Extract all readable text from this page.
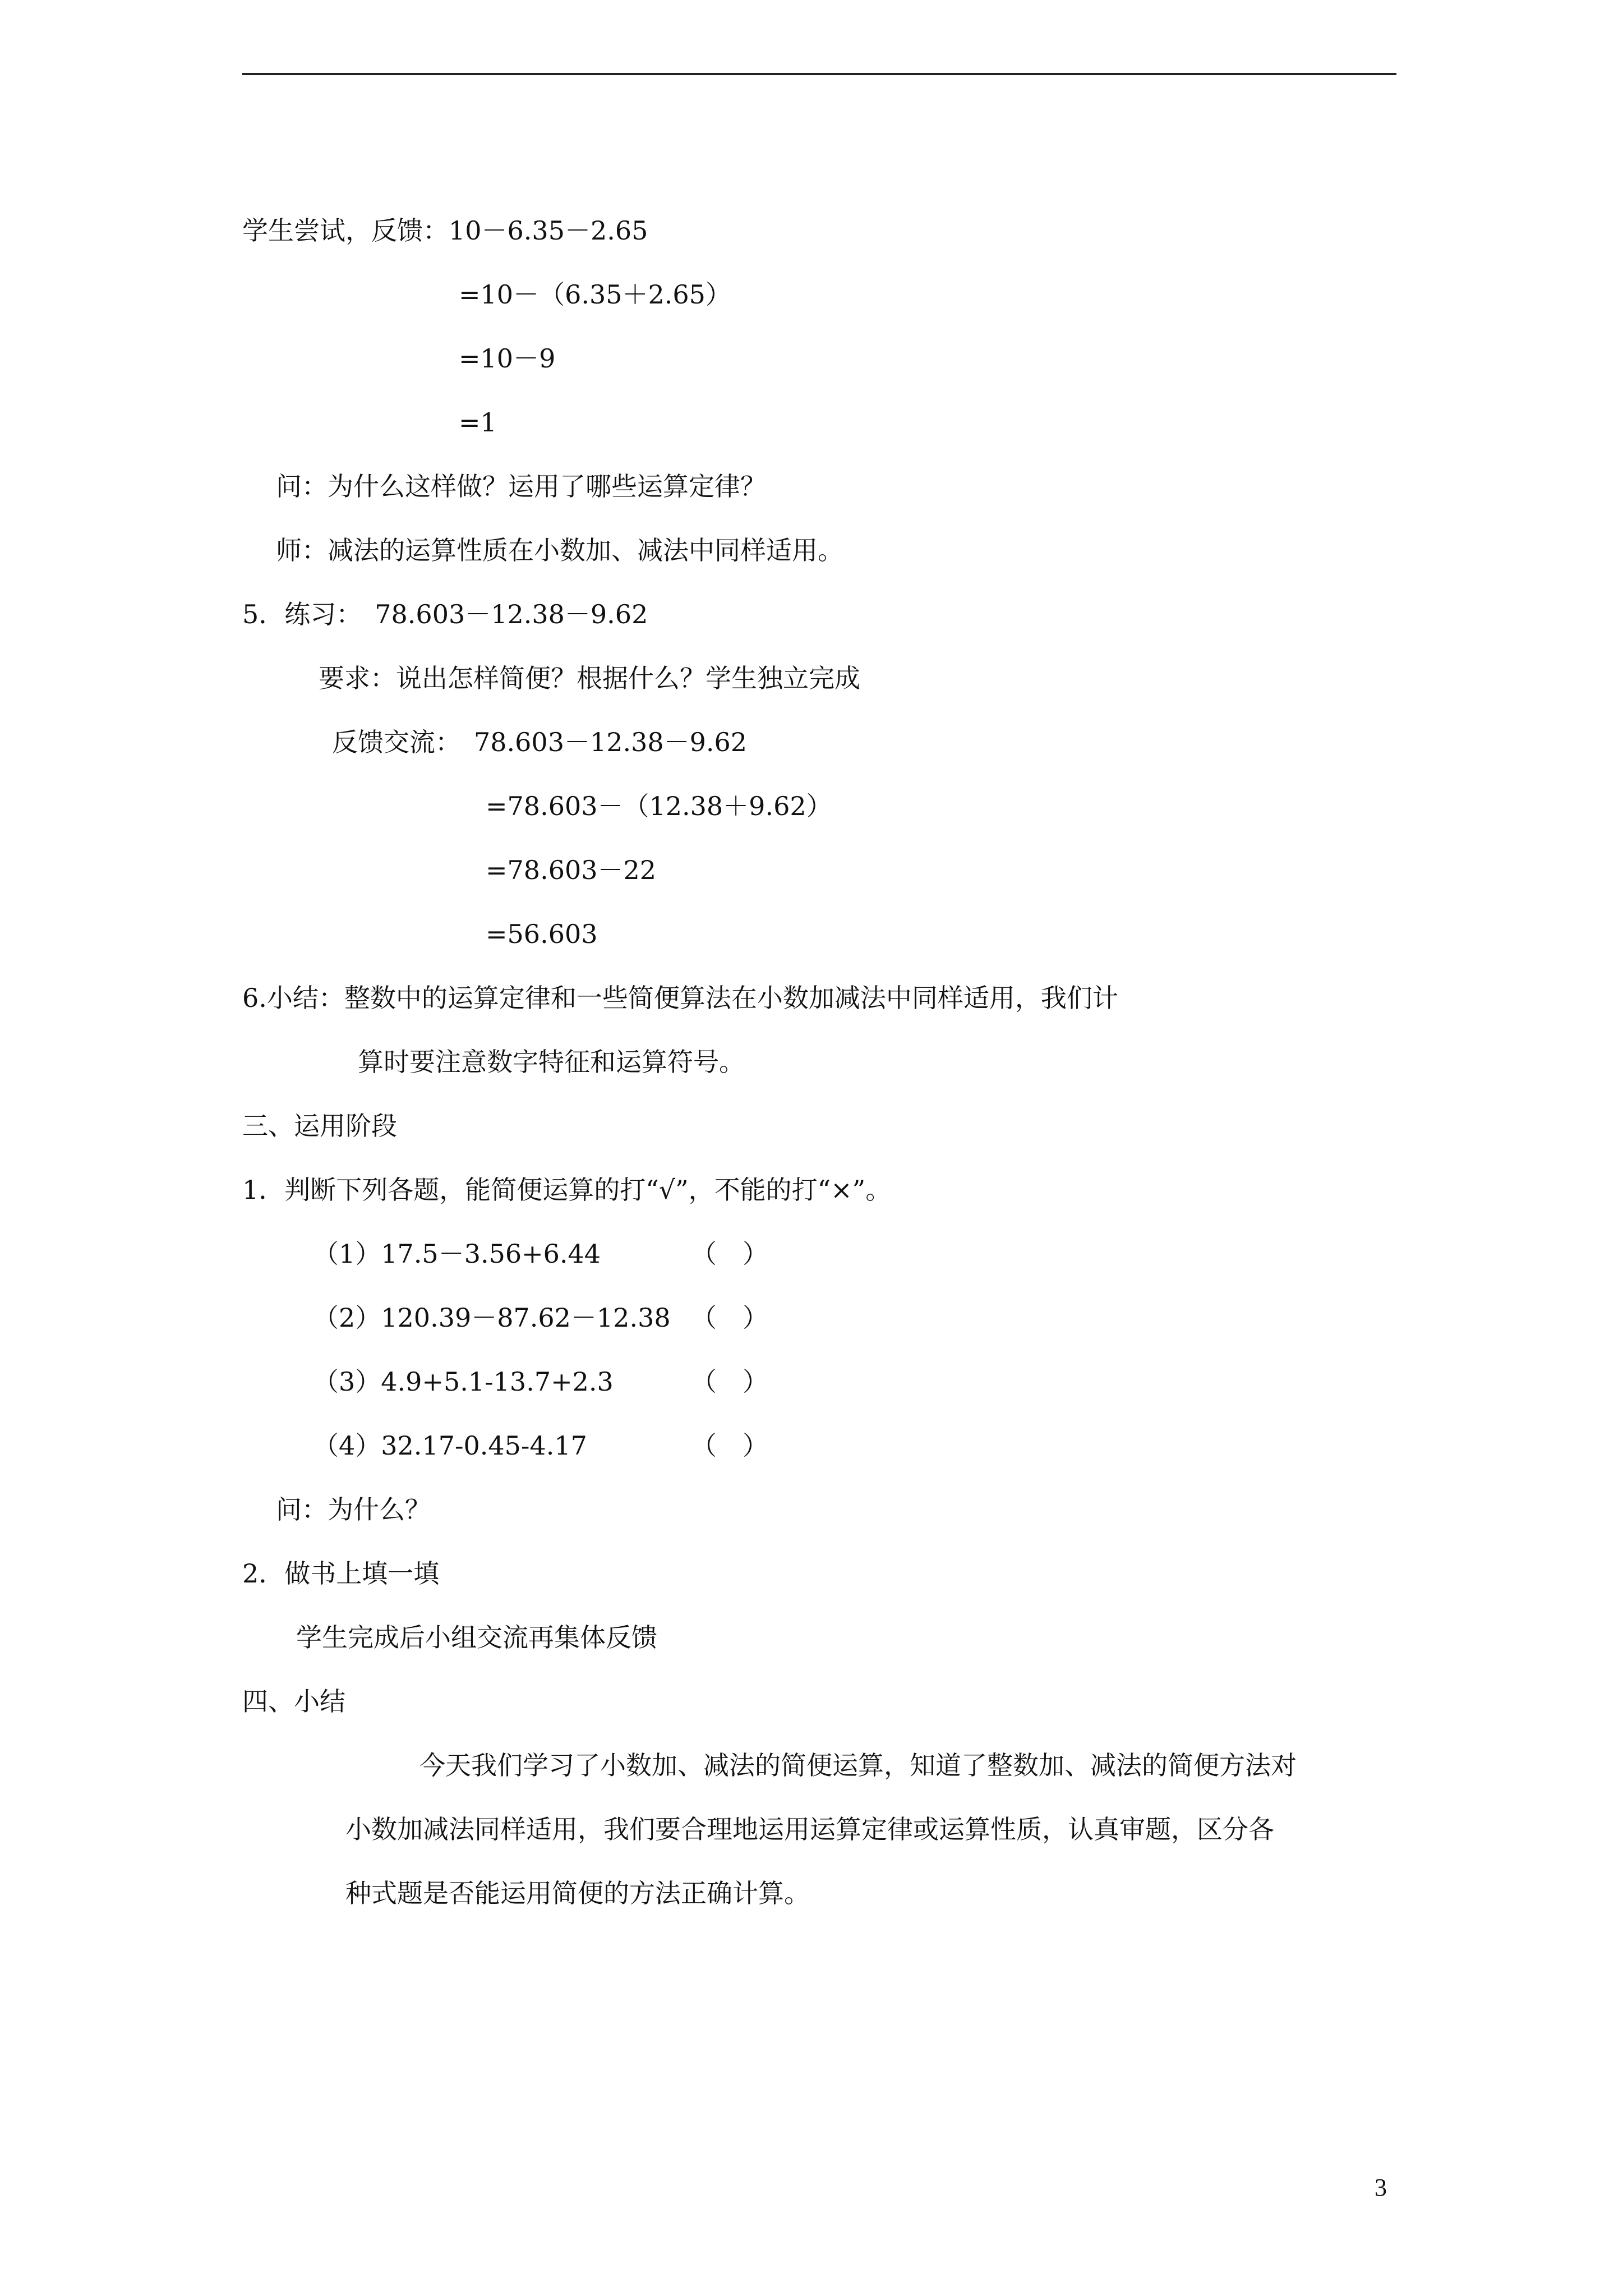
学生尝试，反馈：10－6.35－2.65
=10－（6.35＋2.65）
=10－9
=1
问：为什么这样做？运用了哪些运算定律？
师：减法的运算性质在小数加、减法中同样适用。
5．练习：　78.603－12.38－9.62
要求：说出怎样简便？根据什么？学生独立完成
反馈交流：　78.603－12.38－9.62
=78.603－（12.38＋9.62）
=78.603－22
=56.603
6.小结：整数中的运算定律和一些简便算法在小数加减法中同样适用，我们计
算时要注意数字特征和运算符号。
三、运用阶段
1．判断下列各题，能简便运算的打“√”，不能的打“×”。
（1）17.5－3.56+6.44	（　）
（2）120.39－87.62－12.38 （　）
（3）4.9+5.1-13.7+2.3	（　）
（4）32.17-0.45-4.17	（　）
问：为什么？
2．做书上填一填
学生完成后小组交流再集体反馈
四、小结
今天我们学习了小数加、减法的简便运算，知道了整数加、减法的简便方法对
小数加减法同样适用，我们要合理地运用运算定律或运算性质，认真审题，区分各
种式题是否能运用简便的方法正确计算。
3
